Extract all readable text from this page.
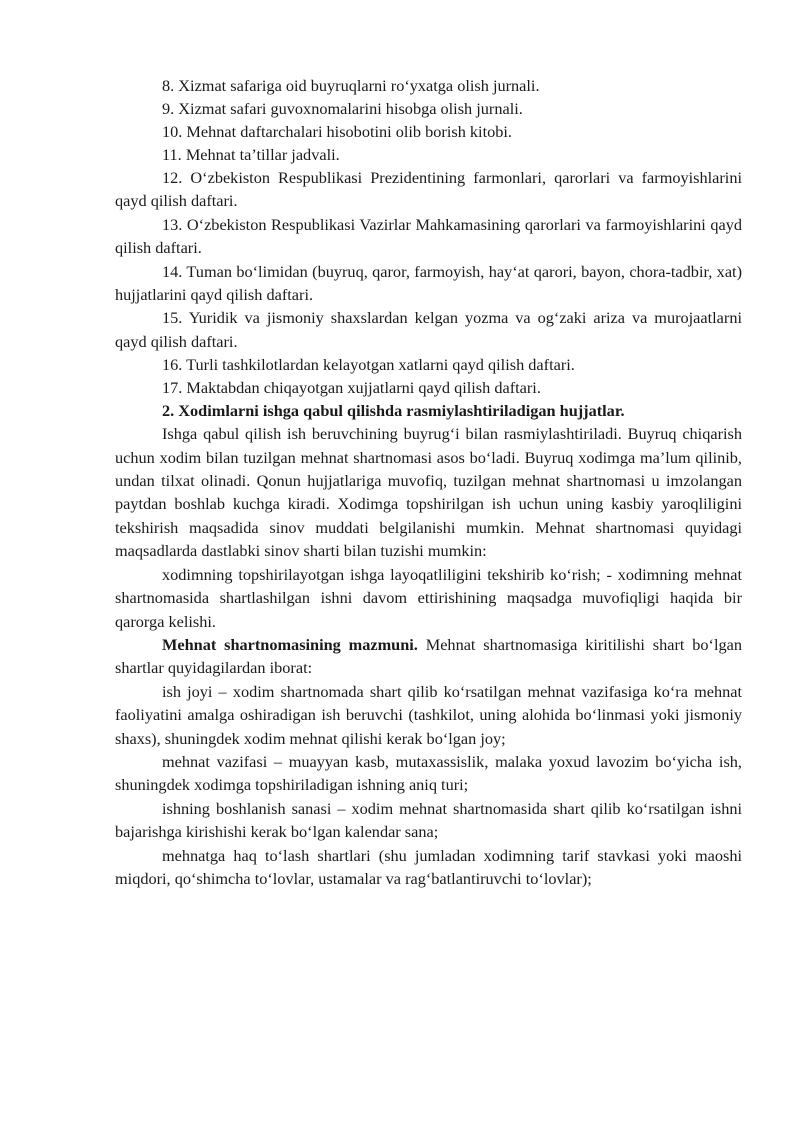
8. Xizmat safariga oid buyruqlarni ro‘yxatga olish jurnali.

9. Xizmat safari guvoxnomalarini hisobga olish jurnali.

10. Mehnat daftarchalari hisobotini olib borish kitobi.

11. Mehnat ta’tillar jadvali.

12. O‘zbekiston Respublikasi Prezidentining farmonlari, qarorlari va farmoyishlarini qayd qilish daftari.

13. O‘zbekiston Respublikasi Vazirlar Mahkamasining qarorlari va farmoyishlarini qayd qilish daftari.

14. Tuman bo‘limidan (buyruq, qaror, farmoyish, hay‘at qarori, bayon, chora-tadbir, xat) hujjatlarini qayd qilish daftari.

15. Yuridik va jismoniy shaxslardan kelgan yozma va og‘zaki ariza va murojaatlarni qayd qilish daftari.

16. Turli tashkilotlardan kelayotgan xatlarni qayd qilish daftari.

17. Maktabdan chiqayotgan xujjatlarni qayd qilish daftari.

2. Xodimlarni ishga qabul qilishda rasmiylashtiriladigan hujjatlar.

Ishga qabul qilish ish beruvchining buyrug‘i bilan rasmiylashtiriladi. Buyruq chiqarish uchun xodim bilan tuzilgan mehnat shartnomasi asos bo‘ladi. Buyruq xodimga ma’lum qilinib, undan tilxat olinadi. Qonun hujjatlariga muvofiq, tuzilgan mehnat shartnomasi u imzolangan paytdan boshlab kuchga kiradi. Xodimga topshirilgan ish uchun uning kasbiy yaroqliligini tekshirish maqsadida sinov muddati belgilanishi mumkin. Mehnat shartnomasi quyidagi maqsadlarda dastlabki sinov sharti bilan tuzishi mumkin:

xodimning topshirilayotgan ishga layoqatliligini tekshirib ko‘rish; - xodimning mehnat shartnomasida shartlashilgan ishni davom ettirishining maqsadga muvofiqligi haqida bir qarorga kelishi.

Mehnat shartnomasining mazmuni. Mehnat shartnomasiga kiritilishi shart bo‘lgan shartlar quyidagilardan iborat:

ish joyi – xodim shartnomada shart qilib ko‘rsatilgan mehnat vazifasiga ko‘ra mehnat faoliyatini amalga oshiradigan ish beruvchi (tashkilot, uning alohida bo‘linmasi yoki jismoniy shaxs), shuningdek xodim mehnat qilishi kerak bo‘lgan joy;

mehnat vazifasi – muayyan kasb, mutaxassislik, malaka yoxud lavozim bo‘yicha ish, shuningdek xodimga topshiriladigan ishning aniq turi;

ishning boshlanish sanasi – xodim mehnat shartnomasida shart qilib ko‘rsatilgan ishni bajarishga kirishishi kerak bo‘lgan kalendar sana;

mehnatga haq to‘lash shartlari (shu jumladan xodimning tarif stavkasi yoki maoshi miqdori, qo‘shimcha to‘lovlar, ustamalar va rag‘batlantiruvchi to‘lovlar);
